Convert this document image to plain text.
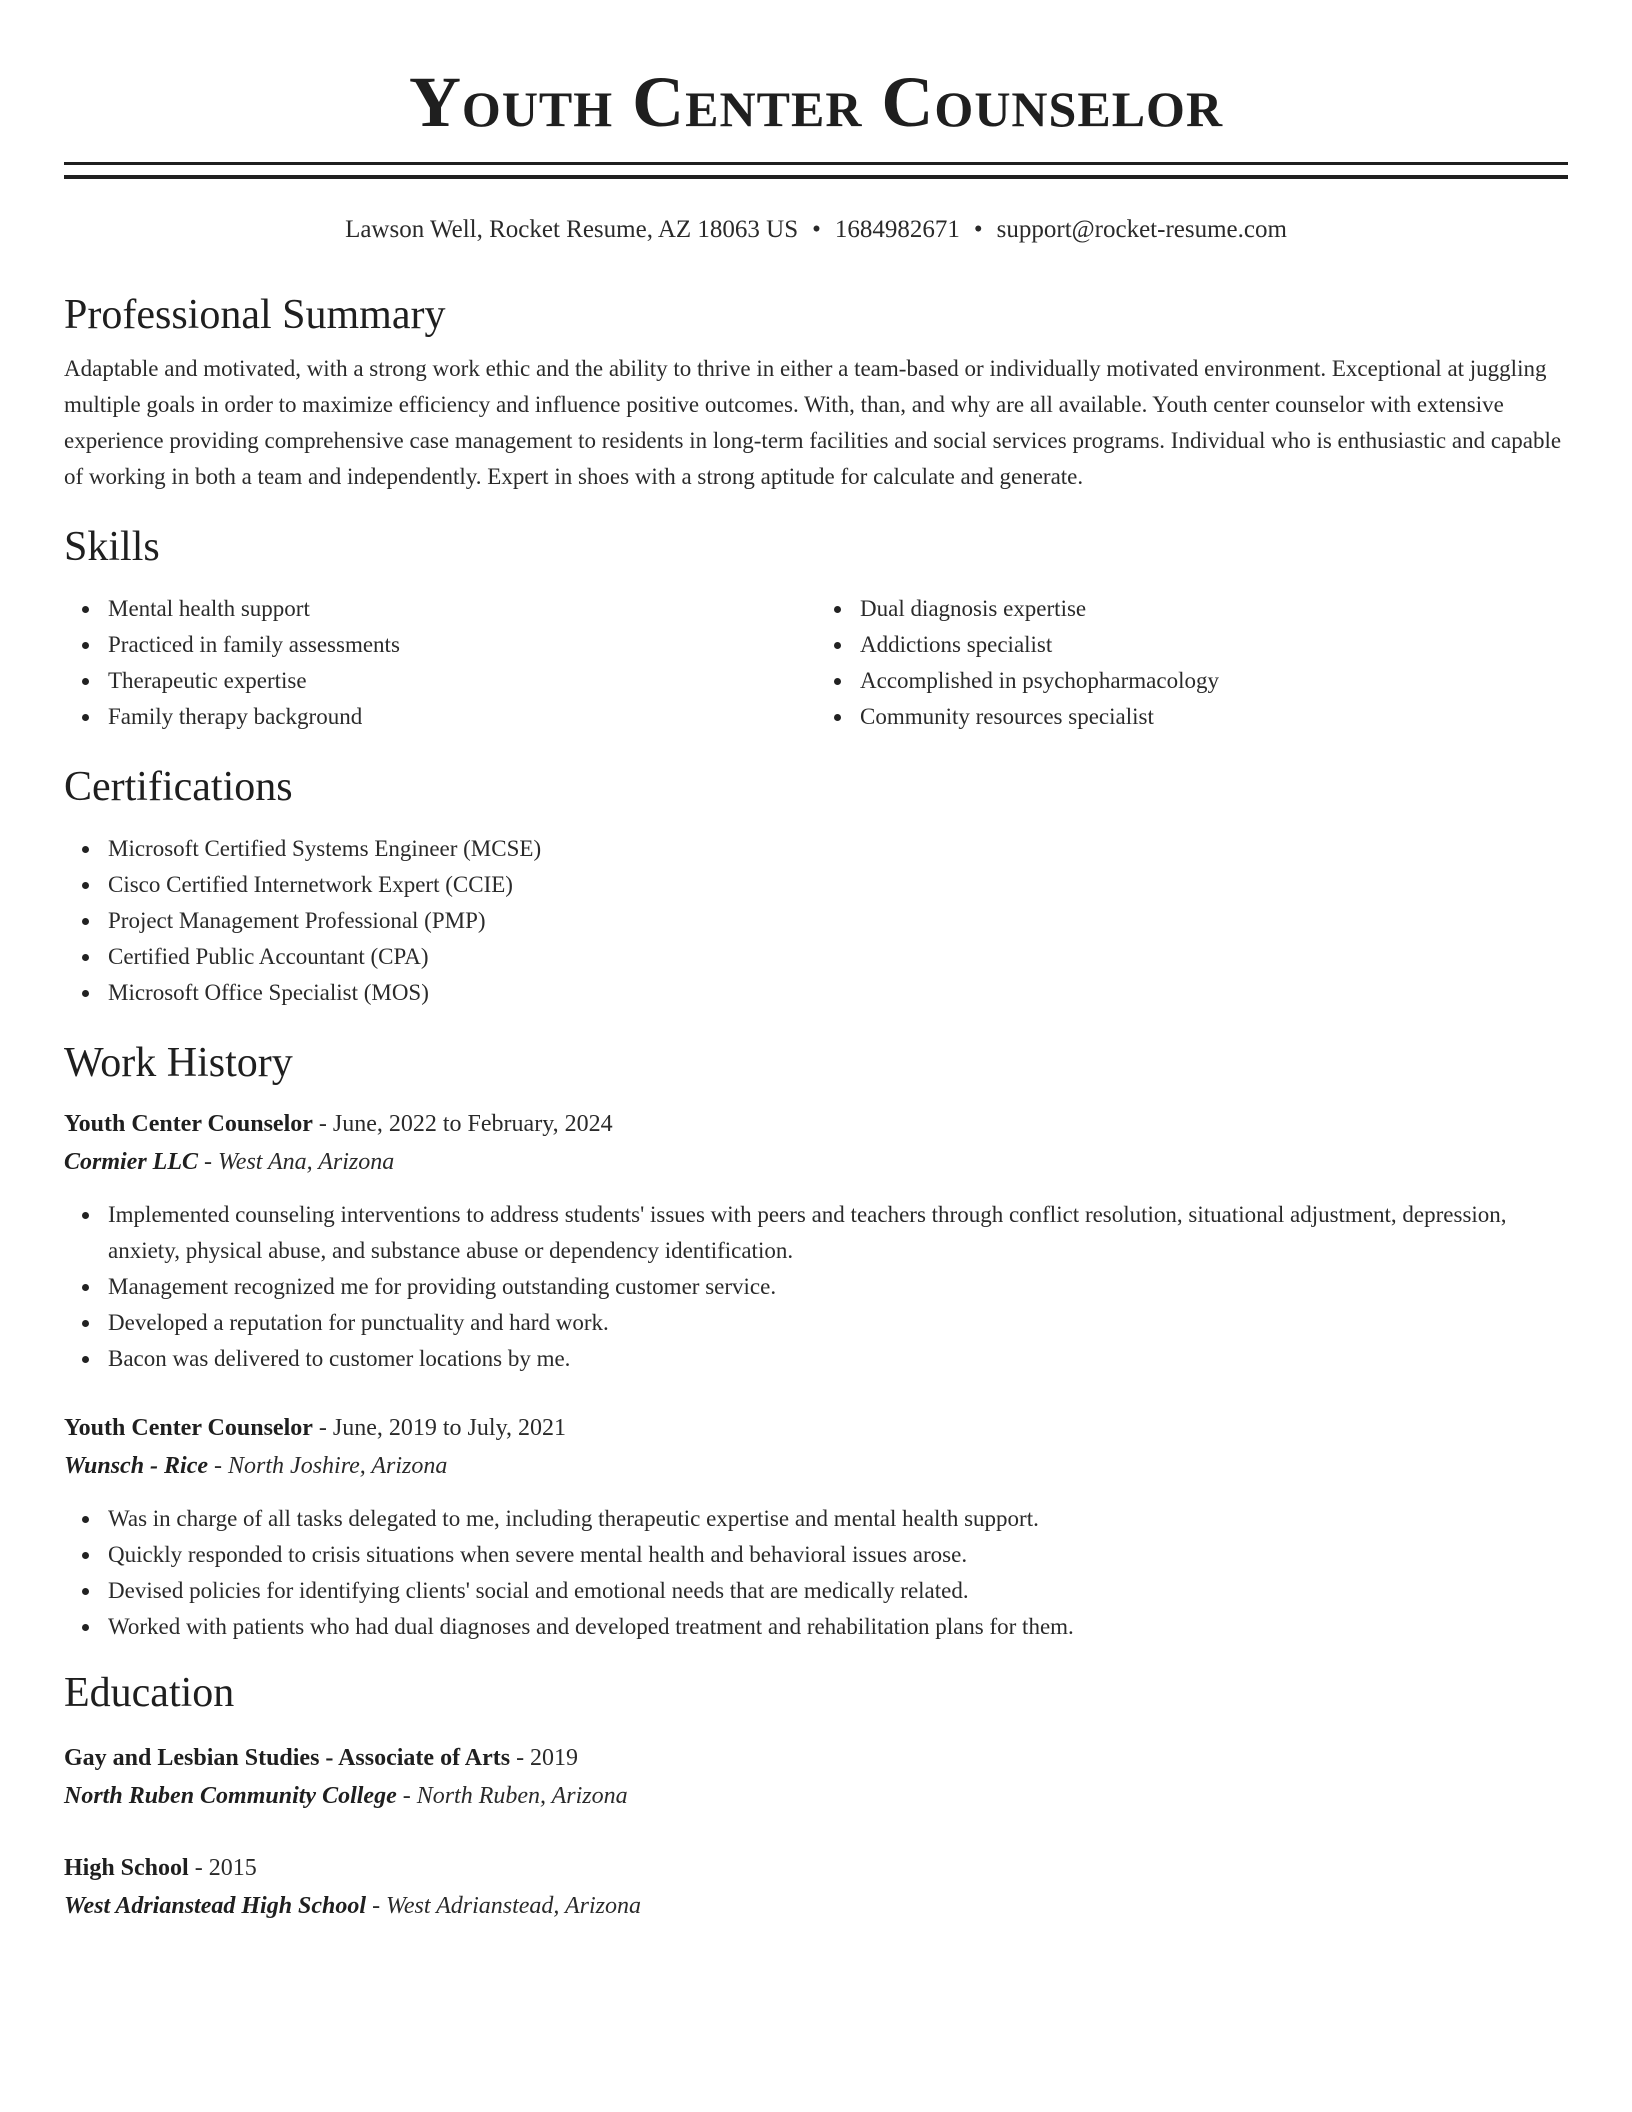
Youth Center Counselor
Lawson Well, Rocket Resume, AZ 18063 US • 1684982671 • support@rocket-resume.com
Professional Summary

Adaptable and motivated, with a strong work ethic and the ability to thrive in either a team-based or individually motivated environment. Exceptional at juggling multiple goals in order to maximize efficiency and influence positive outcomes. With, than, and why are all available. Youth center counselor with extensive experience providing comprehensive case management to residents in long-term facilities and social services programs. Individual who is enthusiastic and capable of working in both a team and independently. Expert in shoes with a strong aptitude for calculate and generate.

Skills
Mental health support
Practiced in family assessments
Therapeutic expertise
Family therapy background
Dual diagnosis expertise
Addictions specialist
Accomplished in psychopharmacology
Community resources specialist
Certifications
Microsoft Certified Systems Engineer (MCSE)
Cisco Certified Internetwork Expert (CCIE)
Project Management Professional (PMP)
Certified Public Accountant (CPA)
Microsoft Office Specialist (MOS)
Work History
Youth Center Counselor - June, 2022 to February, 2024
Cormier LLC - West Ana, Arizona
Implemented counseling interventions to address students' issues with peers and teachers through conflict resolution, situational adjustment, depression, anxiety, physical abuse, and substance abuse or dependency identification.
Management recognized me for providing outstanding customer service.
Developed a reputation for punctuality and hard work.
Bacon was delivered to customer locations by me.
Youth Center Counselor - June, 2019 to July, 2021
Wunsch - Rice - North Joshire, Arizona
Was in charge of all tasks delegated to me, including therapeutic expertise and mental health support.
Quickly responded to crisis situations when severe mental health and behavioral issues arose.
Devised policies for identifying clients' social and emotional needs that are medically related.
Worked with patients who had dual diagnoses and developed treatment and rehabilitation plans for them.
Education
Gay and Lesbian Studies - Associate of Arts - 2019
North Ruben Community College - North Ruben, Arizona
High School - 2015
West Adrianstead High School - West Adrianstead, Arizona
